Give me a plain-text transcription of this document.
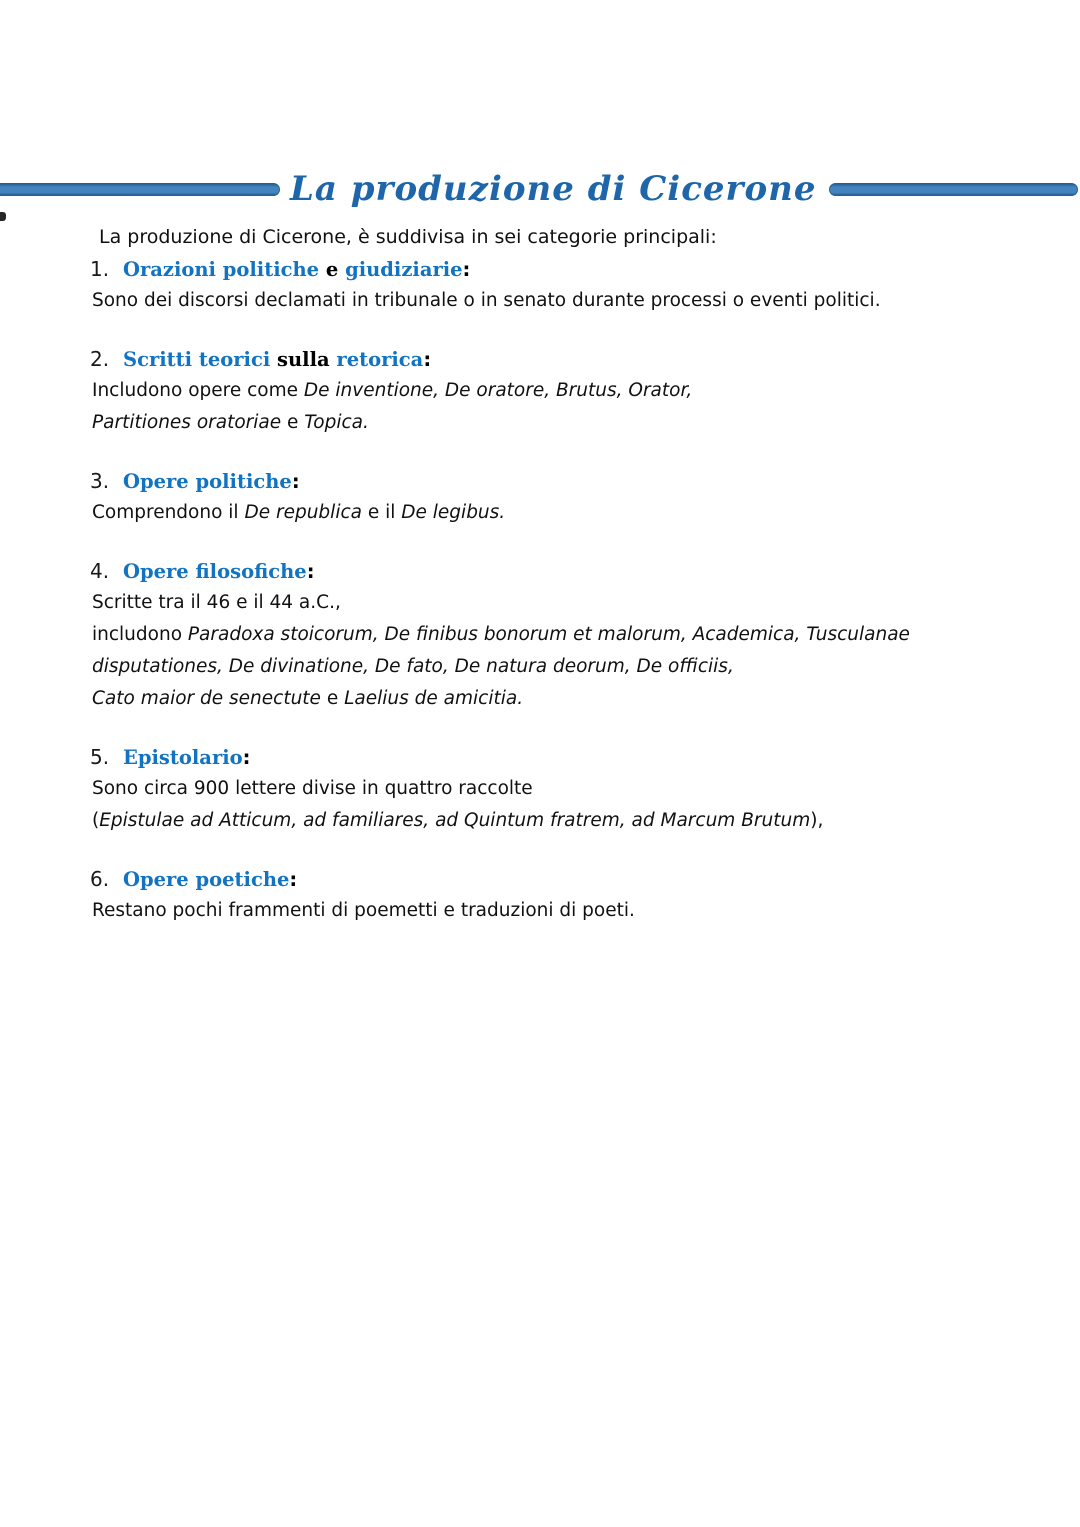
La produzione di Cicerone

La produzione di Cicerone, è suddivisa in sei categorie principali:

1. Orazioni politiche e giudiziarie:
Sono dei discorsi declamati in tribunale o in senato durante processi o eventi politici.
2. Scritti teorici sulla retorica:
Includono opere come De inventione, De oratore, Brutus, Orator,
Partitiones oratoriae e Topica.
3. Opere politiche:
Comprendono il De republica e il De legibus.
4. Opere filosofiche:
Scritte tra il 46 e il 44 a.C.,
includono Paradoxa stoicorum, De finibus bonorum et malorum, Academica, Tusculanae
disputationes, De divinatione, De fato, De natura deorum, De officiis,
Cato maior de senectute e Laelius de amicitia.
5. Epistolario:
Sono circa 900 lettere divise in quattro raccolte
(Epistulae ad Atticum, ad familiares, ad Quintum fratrem, ad Marcum Brutum),
6. Opere poetiche:
Restano pochi frammenti di poemetti e traduzioni di poeti.
